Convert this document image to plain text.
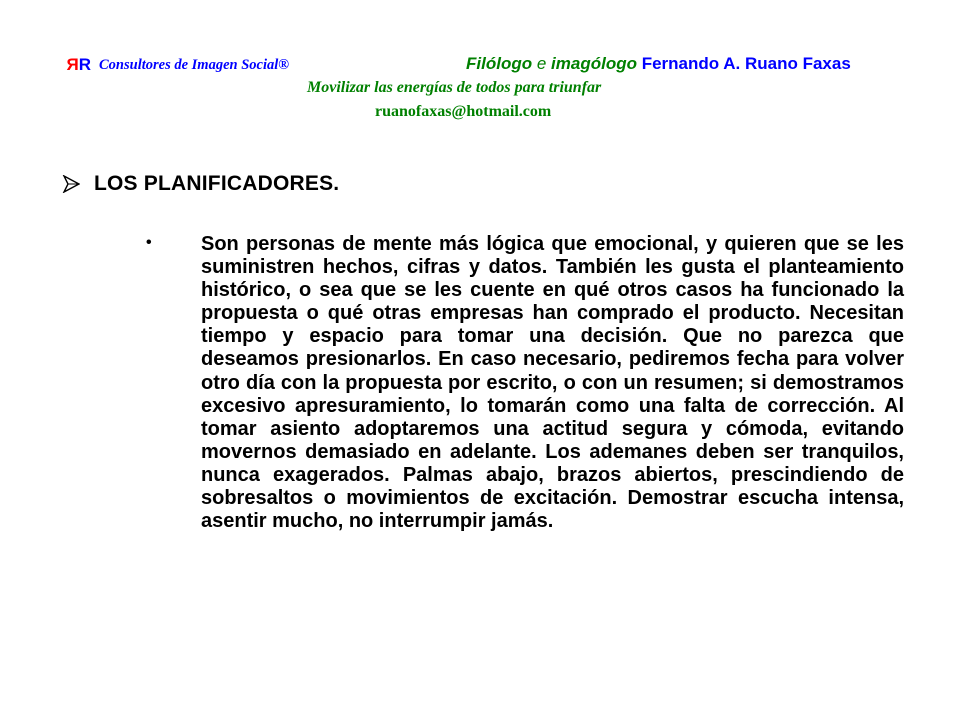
RR Consultores de Imagen Social®	Filólogo e imagólogo Fernando A. Ruano Faxas
Movilizar las energías de todos para triunfar
ruanofaxas@hotmail.com
LOS PLANIFICADORES.
• Son personas de mente más lógica que emocional, y quieren que se les suministren hechos, cifras y datos. También les gusta el planteamiento histórico, o sea que se les cuente en qué otros casos ha funcionado la propuesta o qué otras empresas han comprado el producto. Necesitan tiempo y espacio para tomar una decisión. Que no parezca que deseamos presionarlos. En caso necesario, pediremos fecha para volver otro día con la propuesta por escrito, o con un resumen; si demostramos excesivo apresuramiento, lo tomarán como una falta de corrección. Al tomar asiento adoptaremos una actitud segura y cómoda, evitando movernos demasiado en adelante. Los ademanes deben ser tranquilos, nunca exagerados. Palmas abajo, brazos abiertos, prescindiendo de sobresaltos o movimientos de excitación. Demostrar escucha intensa, asentir mucho, no interrumpir jamás.
